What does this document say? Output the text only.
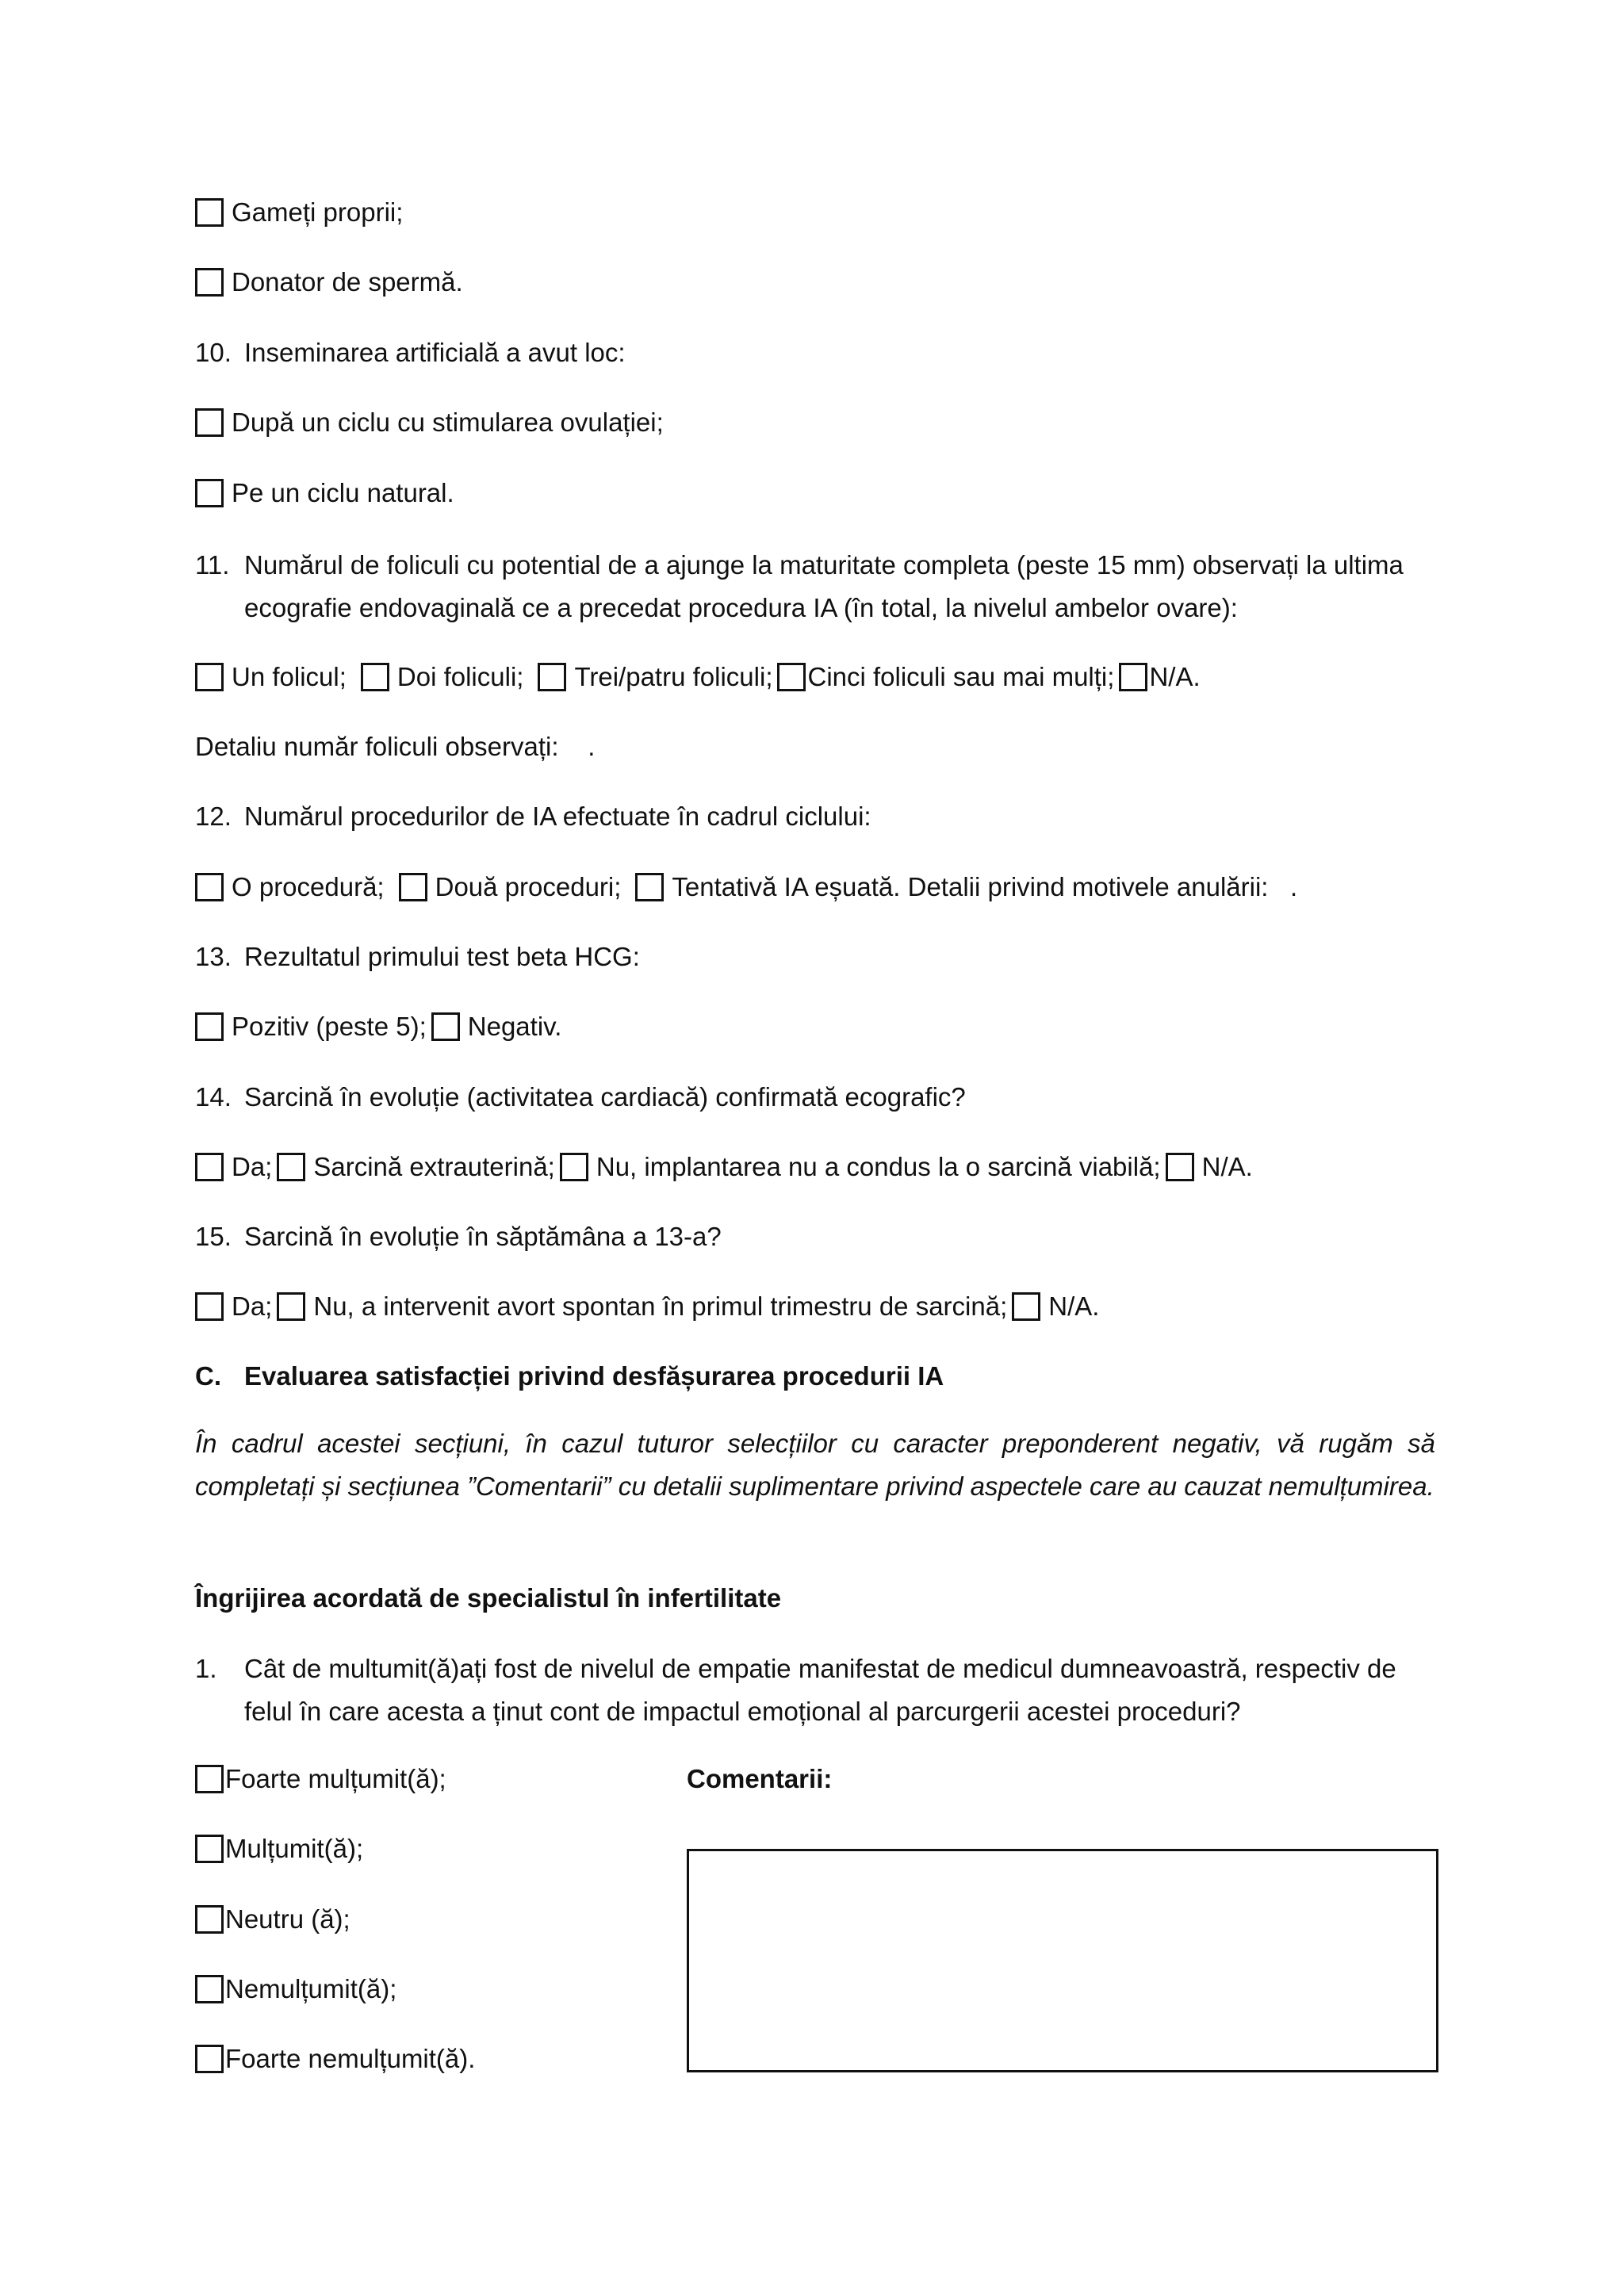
Gameți proprii;
Donator de spermă.
10. Inseminarea artificială a avut loc:
După un ciclu cu stimularea ovulației;
Pe un ciclu natural.
11. Numărul de foliculi cu potential de a ajunge la maturitate completa (peste 15 mm) observați la ultima ecografie endovaginală ce a precedat procedura IA (în total, la nivelul ambelor ovare):
Un folicul; Doi foliculi; Trei/patru foliculi; Cinci foliculi sau mai mulți; N/A.
Detaliu număr foliculi observați:    .
12. Numărul procedurilor de IA efectuate în cadrul ciclului:
O procedură; Două proceduri; Tentativă IA eșuată. Detalii privind motivele anulării:   .
13. Rezultatul primului test beta HCG:
Pozitiv (peste 5); Negativ.
14. Sarcină în evoluție (activitatea cardiacă) confirmată ecografic?
Da; Sarcină extrauterină; Nu, implantarea nu a condus la o sarcină viabilă; N/A.
15. Sarcină în evoluție în săptămâna a 13-a?
Da; Nu, a intervenit avort spontan în primul trimestru de sarcină; N/A.
C. Evaluarea satisfacției privind desfășurarea procedurii IA
În cadrul acestei secțiuni, în cazul tuturor selecțiilor cu caracter preponderent negativ, vă rugăm să completați și secțiunea ”Comentarii” cu detalii suplimentare privind aspectele care au cauzat nemulțumirea.
Îngrijirea acordată de specialistul în infertilitate
1. Cât de multumit(ă)ați fost de nivelul de empatie manifestat de medicul dumneavoastră, respectiv de felul în care acesta a ținut cont de impactul emoțional al parcurgerii acestei proceduri?
Foarte mulțumit(ă);	Comentarii:
Mulțumit(ă);
Neutru (ă);
Nemulțumit(ă);
Foarte nemulțumit(ă).
